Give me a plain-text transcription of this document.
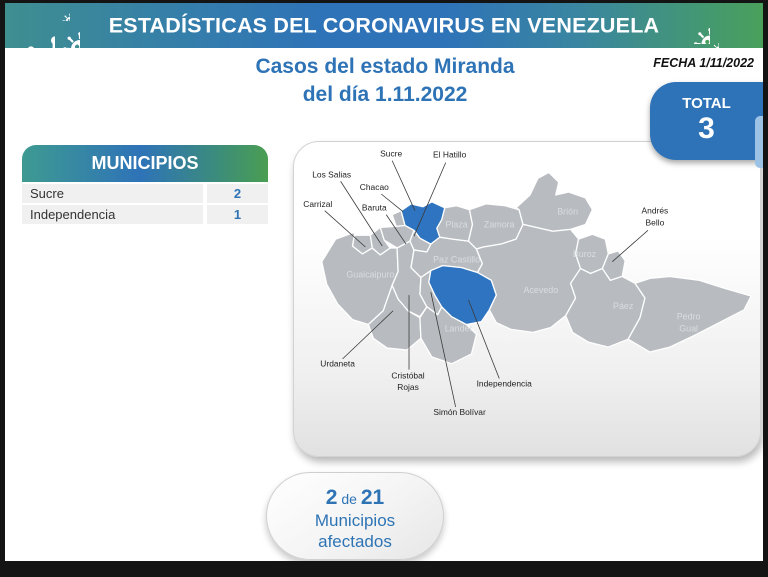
ESTADÍSTICAS DEL CORONAVIRUS EN VENEZUELA
Casos del estado Miranda
del día 1.11.2022
FECHA 1/11/2022
TOTAL
3
MUNICIPIOS
Sucre	2
Independencia	1
Plaza Zamora
Brión
Paz Castillo
Buroz
Acevedo
Guaicaipuro
Páez
Lander
Pedro
Gual
Sucre	El Hatillo
Los Salias
Chacao
Carrizal	Baruta	Andrés
Bello
Urdaneta
Cristóbal
Rojas	Independencia
Simón Bolívar
2 de 21
Municipios
afectados
